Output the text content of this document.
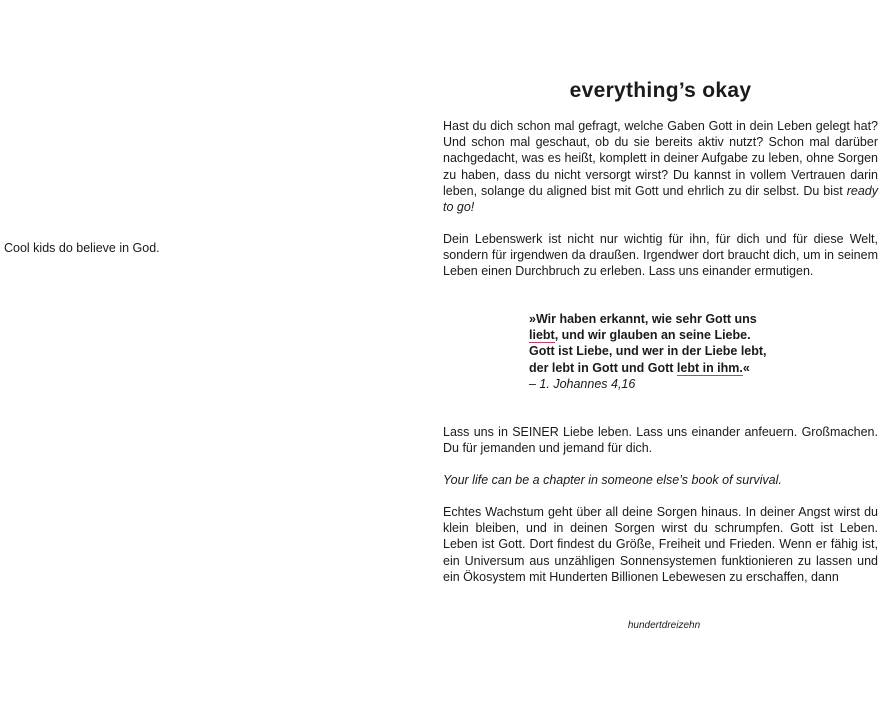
Cool kids do believe in God.
everything’s okay

Hast du dich schon mal gefragt, welche Gaben Gott in dein Leben gelegt hat? Und schon mal geschaut, ob du sie bereits aktiv nutzt? Schon mal darüber nachgedacht, was es heißt, komplett in deiner Aufgabe zu leben, ohne Sorgen zu haben, dass du nicht versorgt wirst? Du kannst in vollem Vertrauen darin leben, solange du aligned bist mit Gott und ehrlich zu dir selbst. Du bist ready to go!

Dein Lebenswerk ist nicht nur wichtig für ihn, für dich und für diese Welt, sondern für irgendwen da draußen. Irgendwer dort braucht dich, um in seinem Leben einen Durchbruch zu erleben. Lass uns einander ermutigen.

»Wir haben erkannt, wie sehr Gott uns
liebt, und wir glauben an seine Liebe.
Gott ist Liebe, und wer in der Liebe lebt,
der lebt in Gott und Gott lebt in ihm.«
– 1. Johannes 4,16

Lass uns in SEINER Liebe leben. Lass uns einander anfeuern. Großmachen. Du für jemanden und jemand für dich.

Your life can be a chapter in someone else’s book of survival.

Echtes Wachstum geht über all deine Sorgen hinaus. In deiner Angst wirst du klein bleiben, und in deinen Sorgen wirst du schrumpfen. Gott ist Leben. Leben ist Gott. Dort findest du Größe, Freiheit und Frieden. Wenn er fähig ist, ein Universum aus unzähligen Sonnensystemen funktionieren zu lassen und ein Ökosystem mit Hunderten Billionen Lebewesen zu erschaffen, dann

hundertdreizehn
